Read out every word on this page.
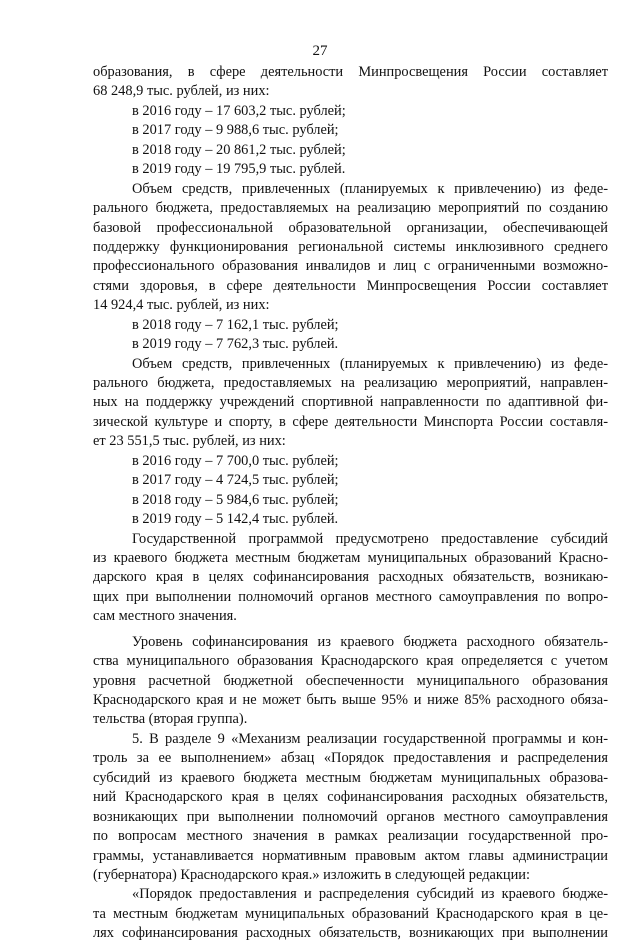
27
образования, в сфере деятельности Минпросвещения России составляет
68 248,9 тыс. рублей, из них:
в 2016 году – 17 603,2 тыс. рублей;
в 2017 году – 9 988,6 тыс. рублей;
в 2018 году – 20 861,2 тыс. рублей;
в 2019 году – 19 795,9 тыс. рублей.
Объем средств, привлеченных (планируемых к привлечению) из феде-
рального бюджета, предоставляемых на реализацию мероприятий по созданию
базовой профессиональной образовательной организации, обеспечивающей
поддержку функционирования региональной системы инклюзивного среднего
профессионального образования инвалидов и лиц с ограниченными возможно-
стями здоровья, в сфере деятельности Минпросвещения России составляет
14 924,4 тыс. рублей, из них:
в 2018 году – 7 162,1 тыс. рублей;
в 2019 году – 7 762,3 тыс. рублей.
Объем средств, привлеченных (планируемых к привлечению) из феде-
рального бюджета, предоставляемых на реализацию мероприятий, направлен-
ных на поддержку учреждений спортивной направленности по адаптивной фи-
зической культуре и спорту, в сфере деятельности Минспорта России составля-
ет 23 551,5 тыс. рублей, из них:
в 2016 году – 7 700,0 тыс. рублей;
в 2017 году – 4 724,5 тыс. рублей;
в 2018 году – 5 984,6 тыс. рублей;
в 2019 году – 5 142,4 тыс. рублей.
Государственной программой предусмотрено предоставление субсидий
из краевого бюджета местным бюджетам муниципальных образований Красно-
дарского края в целях софинансирования расходных обязательств, возникаю-
щих при выполнении полномочий органов местного самоуправления по вопро-
сам местного значения.
Уровень софинансирования из краевого бюджета расходного обязатель-
ства муниципального образования Краснодарского края определяется с учетом
уровня расчетной бюджетной обеспеченности муниципального образования
Краснодарского края и не может быть выше 95% и ниже 85% расходного обяза-
тельства (вторая группа).
5. В разделе 9 «Механизм реализации государственной программы и кон-
троль за ее выполнением» абзац «Порядок предоставления и распределения
субсидий из краевого бюджета местным бюджетам муниципальных образова-
ний Краснодарского края в целях софинансирования расходных обязательств,
возникающих при выполнении полномочий органов местного самоуправления
по вопросам местного значения в рамках реализации государственной про-
граммы, устанавливается нормативным правовым актом главы администрации
(губернатора) Краснодарского края.» изложить в следующей редакции:
«Порядок предоставления и распределения субсидий из краевого бюдже-
та местным бюджетам муниципальных образований Краснодарского края в це-
лях софинансирования расходных обязательств, возникающих при выполнении
